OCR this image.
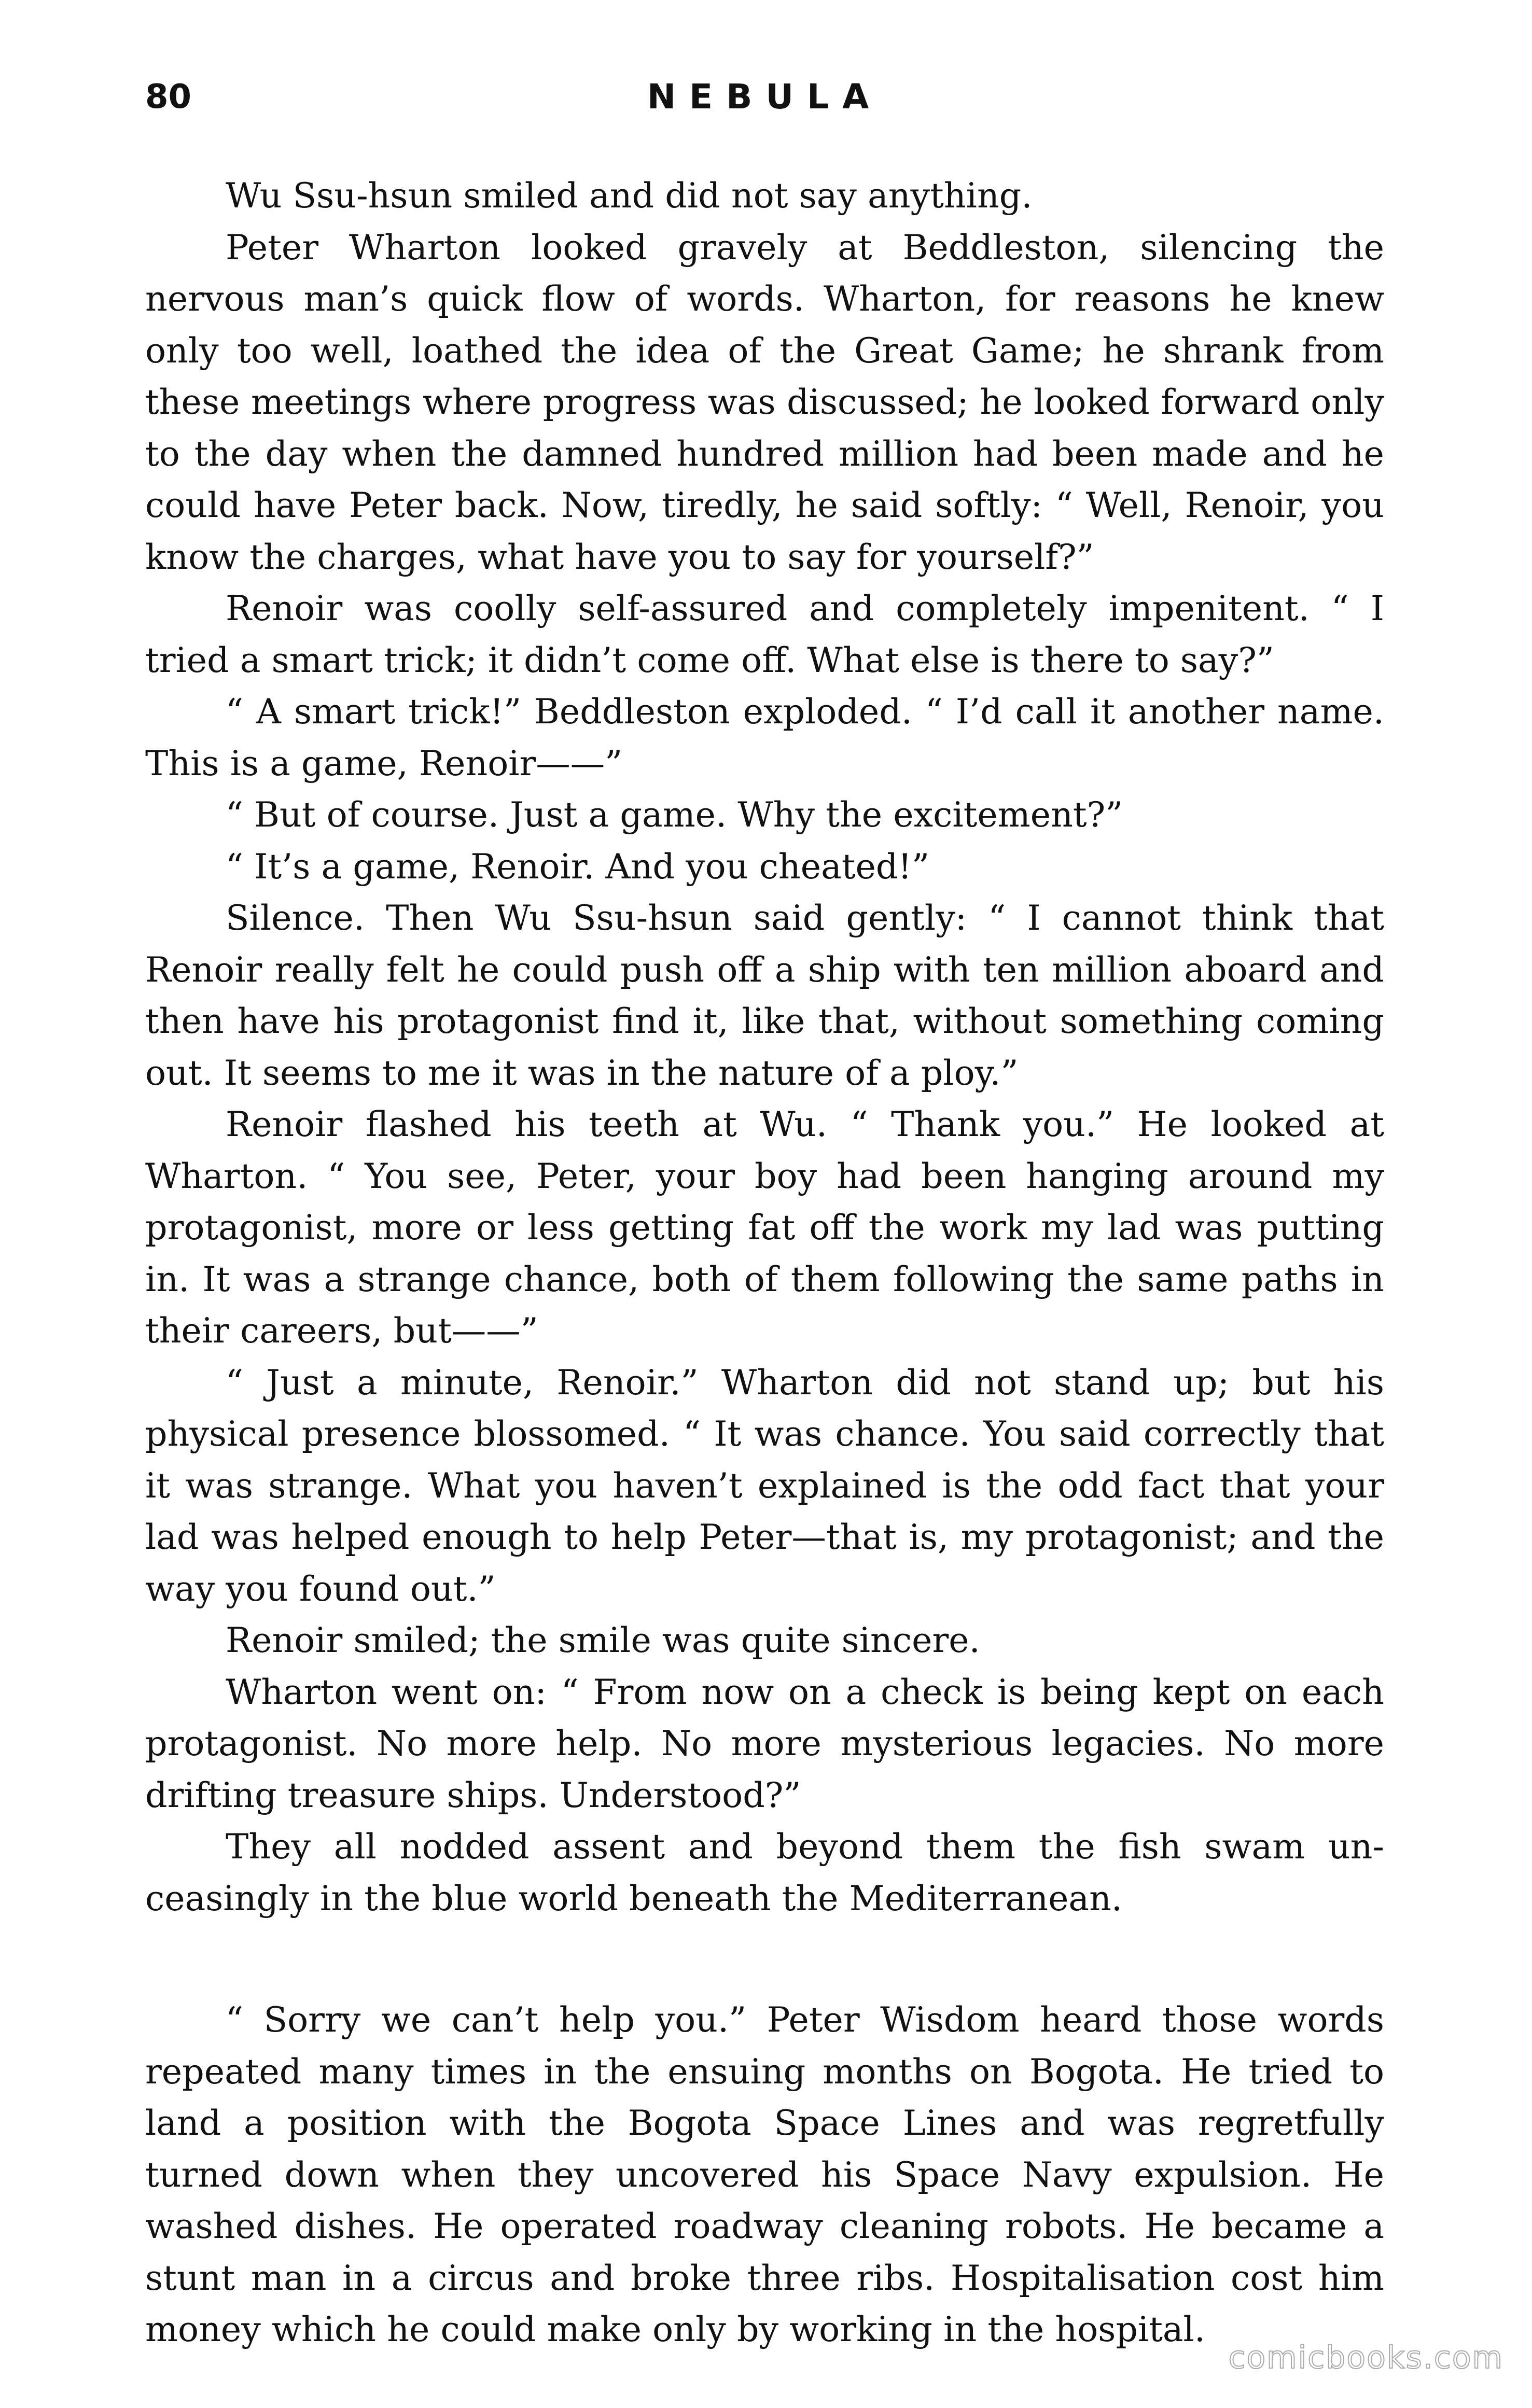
80	NEBULA

Wu Ssu-hsun smiled and did not say anything.

Peter Wharton looked gravely at Beddleston, silencing the nervous man’s quick flow of words. Wharton, for reasons he knew only too well, loathed the idea of the Great Game; he shrank from these meetings where progress was discussed; he looked forward only to the day when the damned hundred million had been made and he could have Peter back. Now, tiredly, he said softly: “ Well, Renoir, you know the charges, what have you to say for yourself?”

Renoir was coolly self-assured and completely impenitent. “ I tried a smart trick; it didn’t come off. What else is there to say?”

“ A smart trick!” Beddleston exploded. “ I’d call it another name. This is a game, Renoir——”

“ But of course. Just a game. Why the excitement?”

“ It’s a game, Renoir. And you cheated!”

Silence. Then Wu Ssu-hsun said gently: “ I cannot think that Renoir really felt he could push off a ship with ten million aboard and then have his protagonist find it, like that, without something coming out. It seems to me it was in the nature of a ploy.”

Renoir flashed his teeth at Wu. “ Thank you.” He looked at Wharton. “ You see, Peter, your boy had been hanging around my protagonist, more or less getting fat off the work my lad was putting in. It was a strange chance, both of them following the same paths in their careers, but——”

“ Just a minute, Renoir.” Wharton did not stand up; but his physical presence blossomed. “ It was chance. You said correctly that it was strange. What you haven’t explained is the odd fact that your lad was helped enough to help Peter—that is, my protagonist; and the way you found out.”

Renoir smiled; the smile was quite sincere.

Wharton went on: “ From now on a check is being kept on each protagonist. No more help. No more mysterious legacies. No more drifting treasure ships. Understood?”

They all nodded assent and beyond them the fish swam unceasingly in the blue world beneath the Mediterranean.

“ Sorry we can’t help you.” Peter Wisdom heard those words repeated many times in the ensuing months on Bogota. He tried to land a position with the Bogota Space Lines and was regretfully turned down when they uncovered his Space Navy expulsion. He washed dishes. He operated roadway cleaning robots. He became a stunt man in a circus and broke three ribs. Hospitalisation cost him money which he could make only by working in the hospital.

comicbooks.com
